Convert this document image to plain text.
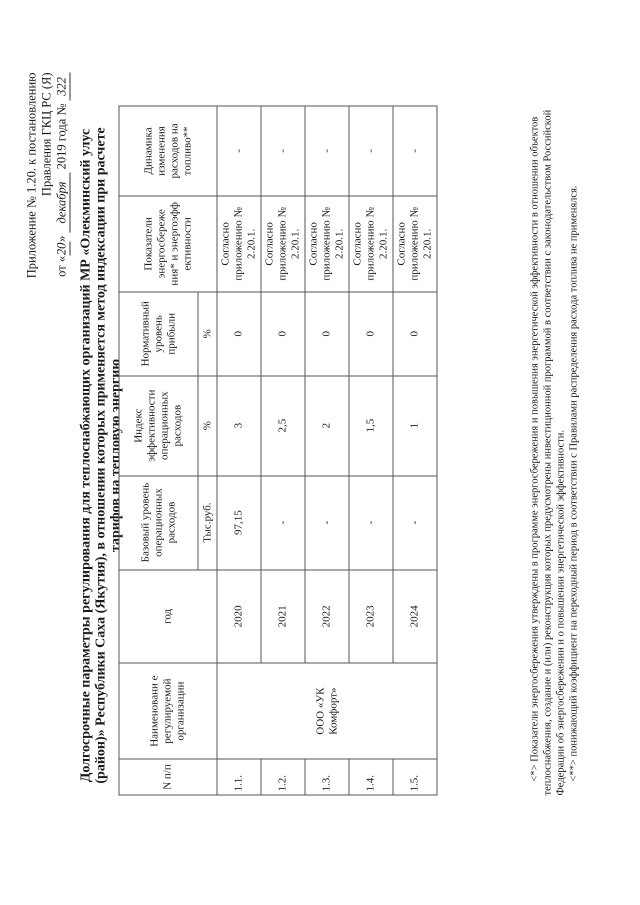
Приложение № 1.20. к постановлению Правления ГКЦ РС (Я)
от «20» декабря 2019 года № 322
Долгосрочные параметры регулирования для теплоснабжающих организаций МР «Олекминский улус (район)» Республики Саха (Якутия), в отношении которых применяется метод индексации при расчете тарифов на тепловую энергию
N п/п	Наименовани е регулируемой организации	год	Базовый уровень операционных расходов	Индекс эффективности операционных расходов	Нормативный уровень прибыли	Показатели энергосбереже ния* и энергоэфф ективности	Динамика изменения расходов на топливо**
			Тыс.руб.	%	%		
1.1.	ООО «УК Комфорт»	2020	97,15	3	0	Согласно приложению № 2.20.1.	-
1.2.		2021	-	2,5	0	Согласно приложению № 2.20.1.	-
1.3.		2022	-	2	0	Согласно приложению № 2.20.1.	-
1.4.		2023	-	1,5	0	Согласно приложению № 2.20.1.	-
1.5.		2024	-	1	0	Согласно приложению № 2.20.1.	-	<*> Показатели энергосбережения утверждены в программе энергосбережения и повышения энергетической эффективности в отношении объектов теплоснабжения, создание и (или) реконструкция которых предусмотрены инвестиционной программой в соответствии с законодательством Российской Федерации об энергосбережении и о повышении энергетической эффективности. <**> понижающий коэффициент на переходный период в соответствии с Правилами распределения расхода топлива не применялся.
